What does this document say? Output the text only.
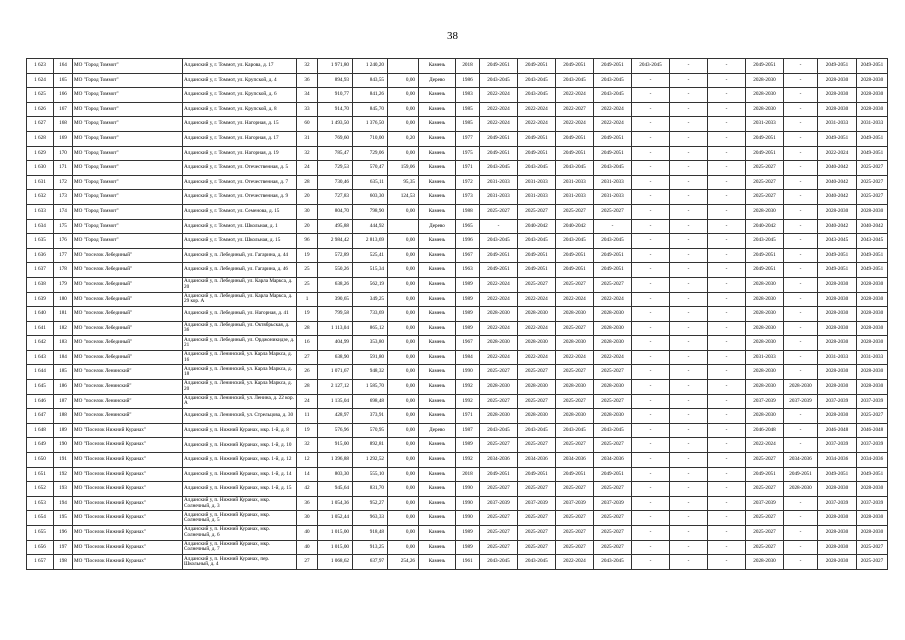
38
1 623	164	МО "Город Томмот"	Алданский у, г. Томмот, ул. Карова, д. 17	32	1 971,80	1 240,20		Камень	2018	2049-2051	2049-2051	2049-2051	2049-2051	2043-2045	-	-	2049-2051	-	2049-2051	2049-2051
1 624	165	МО "Город Томмот"	Алданский у, г. Томмот, ул. Крупской, д. 4	36	894,93	843,55	0,00	Дерево	1986	2043-2045	2043-2045	2043-2045	2043-2045	-	-	-	2028-2030	-	2028-2030	2028-2030
1 625	166	МО "Город Томмот"	Алданский у, г. Томмот, ул. Крупской, д. 6	34	910,77	841,26	0,00	Камень	1983	2022-2024	2043-2045	2022-2024	2043-2045	-	-	-	2028-2030	-	2028-2030	2028-2030
1 626	167	МО "Город Томмот"	Алданский у, г. Томмот, ул. Крупской, д. 8	33	914,70	845,70	0,00	Камень	1985	2022-2024	2022-2024	2022-2027	2022-2024	-	-	-	2028-2030	-	2028-2030	2028-2030
1 627	168	МО "Город Томмот"	Алданский у, г. Томмот, ул. Нагорная, д. 15	60	1 493,50	1 376,50	0,00	Камень	1985	2022-2024	2022-2024	2022-2024	2022-2024	-	-	-	2031-2033	-	2031-2033	2031-2033
1 628	169	МО "Город Томмот"	Алданский у, г. Томмот, ул. Нагорная, д. 17	31	769,60	710,00	0,20	Камень	1977	2049-2051	2049-2051	2049-2051	2049-2051	-	-	-	2049-2051	-	2049-2051	2049-2051
1 629	170	МО "Город Томмот"	Алданский у, г. Томмот, ул. Нагорная, д. 19	32	785,47	729,06	0,00	Камень	1975	2049-2051	2049-2051	2049-2051	2049-2051	-	-	-	2049-2051	-	2022-2024	2049-2051
1 630	171	МО "Город Томмот"	Алданский у, г. Томмот, ул. Отечественная, д. 5	24	729,53	570,47	159,06	Камень	1971	2043-2045	2043-2045	2043-2045	2043-2045	-	-	-	2025-2027	-	2040-2042	2025-2027
1 631	172	МО "Город Томмот"	Алданский у, г. Томмот, ул. Отечественная, д. 7	28	730,46	635,11	95,35	Камень	1972	2031-2033	2031-2033	2031-2033	2031-2033	-	-	-	2025-2027	-	2040-2042	2025-2027
1 632	173	МО "Город Томмот"	Алданский у, г. Томмот, ул. Отечественная, д. 9	20	727,83	603,30	124,53	Камень	1973	2031-2033	2031-2033	2031-2033	2031-2033	-	-	-	2025-2027	-	2040-2042	2025-2027
1 633	174	МО "Город Томмот"	Алданский у, г. Томмот, ул. Семенова, д. 15	30	804,70	798,90	0,00	Камень	1988	2025-2027	2025-2027	2025-2027	2025-2027	-	-	-	2028-2030	-	2028-2030	2028-2030
1 634	175	МО "Город Томмот"	Алданский у, г. Томмот, ул. Школьная, д. 1	20	495,88	444,92		Дерево	1965	-	2040-2042	2040-2042	-	-	-	-	2040-2042	-	2040-2042	2040-2042
1 635	176	МО "Город Томмот"	Алданский у, г. Томмот, ул. Школьная, д. 15	96	2 984,42	2 813,69	0,00	Камень	1996	2043-2045	2043-2045	2043-2045	2043-2045	-	-	-	2043-2045	-	2043-2045	2043-2045
1 636	177	МО "поселок Лебединый"	Алданский у, п. Лебединый, ул. Гагарина, д. 44	19	572,89	525,41	0,00	Камень	1967	2049-2051	2049-2051	2049-2051	2049-2051	-	-	-	2049-2051	-	2049-2051	2049-2051
1 637	178	МО "поселок Лебединый"	Алданский у, п. Лебединый, ул. Гагарина, д. 46	25	550,26	515,34	0,00	Камень	1963	2049-2051	2049-2051	2049-2051	2049-2051	-	-	-	2049-2051	-	2049-2051	2049-2051
1 638	179	МО "поселок Лебединый"	Алданский у, п. Лебединый, ул. Карла Маркса, д. 20	25	638,26	562,19	0,00	Камень	1989	2022-2024	2025-2027	2025-2027	2025-2027	-	-	-	2028-2030	-	2028-2030	2028-2030
1 639	180	МО "поселок Лебединый"	Алданский у, п. Лебединый, ул. Карла Маркса, д. 29 кор. А	1	390,65	349,25	0,00	Камень	1989	2022-2024	2022-2024	2022-2024	2022-2024	-	-	-	2028-2030	-	2028-2030	2028-2030
1 640	181	МО "поселок Лебединый"	Алданский у, п. Лебединый, ул. Нагорная, д. 41	19	799,58	733,69	0,00	Камень	1989	2028-2030	2028-2030	2028-2030	2028-2030	-	-	-	2028-2030	-	2028-2030	2028-2030
1 641	182	МО "поселок Лебединый"	Алданский у, п. Лебединый, ул. Октябрьская, д. 36	28	1 113,04	865,12	0,00	Камень	1989	2022-2024	2022-2024	2025-2027	2028-2030	-	-	-	2028-2030	-	2028-2030	2028-2030
1 642	183	МО "поселок Лебединый"	Алданский у, п. Лебединый, ул. Орджоникидзе, д. 21	16	404,99	353,80	0,00	Камень	1967	2028-2030	2028-2030	2028-2030	2028-2030	-	-	-	2028-2030	-	2028-2030	2028-2030
1 643	184	МО "поселок Лебединый"	Алданский у, п. Ленинский, ул. Карла Маркса, д. 16	27	638,90	591,80	0,00	Камень	1984	2022-2024	2022-2024	2022-2024	2022-2024	-	-	-	2031-2033	-	2031-2033	2031-2033
1 644	185	МО "поселок Ленинский"	Алданский у, п. Ленинский, ул. Карла Маркса, д. 18	26	1 071,67	948,32	0,00	Камень	1990	2025-2027	2025-2027	2025-2027	2025-2027	-	-	-	2028-2030	-	2028-2030	2028-2030
1 645	186	МО "поселок Ленинский"	Алданский у, п. Ленинский, ул. Карла Маркса, д. 20	28	2 127,12	1 585,70	0,00	Камень	1992	2028-2030	2028-2030	2028-2030	2028-2030	-	-	-	2028-2030	2028-2030	2028-2030	2028-2030
1 646	187	МО "поселок Ленинский"	Алданский у, п. Ленинский, ул. Ленина, д. 22 кор. А	24	1 135,04	698,48	0,00	Камень	1992	2025-2027	2025-2027	2025-2027	2025-2027	-	-	-	2037-2039	2037-2039	2037-2039	2037-2039
1 647	188	МО "поселок Ленинский"	Алданский у, п. Ленинский, ул. Стрельцова, д. 30	11	428,97	373,91	0,00	Камень	1971	2028-2030	2028-2030	2028-2030	2028-2030	-	-	-	2028-2030	-	2028-2030	2025-2027
1 648	189	МО "Поселок Нижний Куранах"	Алданский у, п. Нижний Куранах, мкр. 1-й, д. 8	19	576,96	570,95	0,00	Дерево	1987	2043-2045	2043-2045	2043-2045	2043-2045	-	-	-	2046-2048	-	2046-2048	2046-2048
1 649	190	МО "Поселок Нижний Куранах"	Алданский у, п. Нижний Куранах, мкр. 1-й, д. 10	32	915,00	892,81	0,00	Камень	1989	2025-2027	2025-2027	2025-2027	2025-2027	-	-	-	2022-2024	-	2037-2039	2037-2039
1 650	191	МО "Поселок Нижний Куранах"	Алданский у, п. Нижний Куранах, мкр. 1-й, д. 12	12	1 396,88	1 292,52	0,00	Камень	1992	2034-2036	2034-2036	2034-2036	2034-2036	-	-	-	2025-2027	2034-2036	2034-2036	2034-2036
1 651	192	МО "Поселок Нижний Куранах"	Алданский у, п. Нижний Куранах, мкр. 1-й, д. 14	14	803,30	555,10	0,00	Камень	2018	2049-2051	2049-2051	2049-2051	2049-2051	-	-	-	2049-2051	2049-2051	2049-2051	2049-2051
1 652	193	МО "Поселок Нижний Куранах"	Алданский у, п. Нижний Куранах, мкр. 1-й, д. 15	42	945,64	831,70	0,00	Камень	1990	2025-2027	2025-2027	2025-2027	2025-2027	-	-	-	2025-2027	2028-2030	2028-2030	2028-2030
1 653	194	МО "Поселок Нижний Куранах"	Алданский у, п. Нижний Куранах, мкр. Солнечный, д. 3	36	1 054,36	952,27	0,00	Камень	1990	2037-2039	2037-2039	2037-2039	2037-2039	-	-	-	2037-2039	-	2037-2039	2037-2039
1 654	195	МО "Поселок Нижний Куранах"	Алданский у, п. Нижний Куранах, мкр. Солнечный, д. 5	30	1 052,44	963,33	0,00	Камень	1990	2025-2027	2025-2027	2025-2027	2025-2027	-	-	-	2025-2027	-	2028-2030	2028-2030
1 655	196	МО "Поселок Нижний Куранах"	Алданский у, п. Нижний Куранах, мкр. Солнечный, д. 6	40	1 015,00	918,48	0,00	Камень	1989	2025-2027	2025-2027	2025-2027	2025-2027	-	-	-	2025-2027	-	2028-2030	2028-2030
1 656	197	МО "Поселок Нижний Куранах"	Алданский у, п. Нижний Куранах, мкр. Солнечный, д. 7	40	1 015,00	913,25	0,00	Камень	1989	2025-2027	2025-2027	2025-2027	2025-2027	-	-	-	2025-2027	-	2028-2030	2025-2027
1 657	198	МО "Поселок Нижний Куранах"	Алданский у, п. Нижний Куранах, пер. Школьный, д. 4	27	1 068,62	637,97	254,26	Камень	1961	2043-2045	2043-2045	2022-2024	2043-2045	-	-	-	2028-2030	-	2028-2030	2025-2027
